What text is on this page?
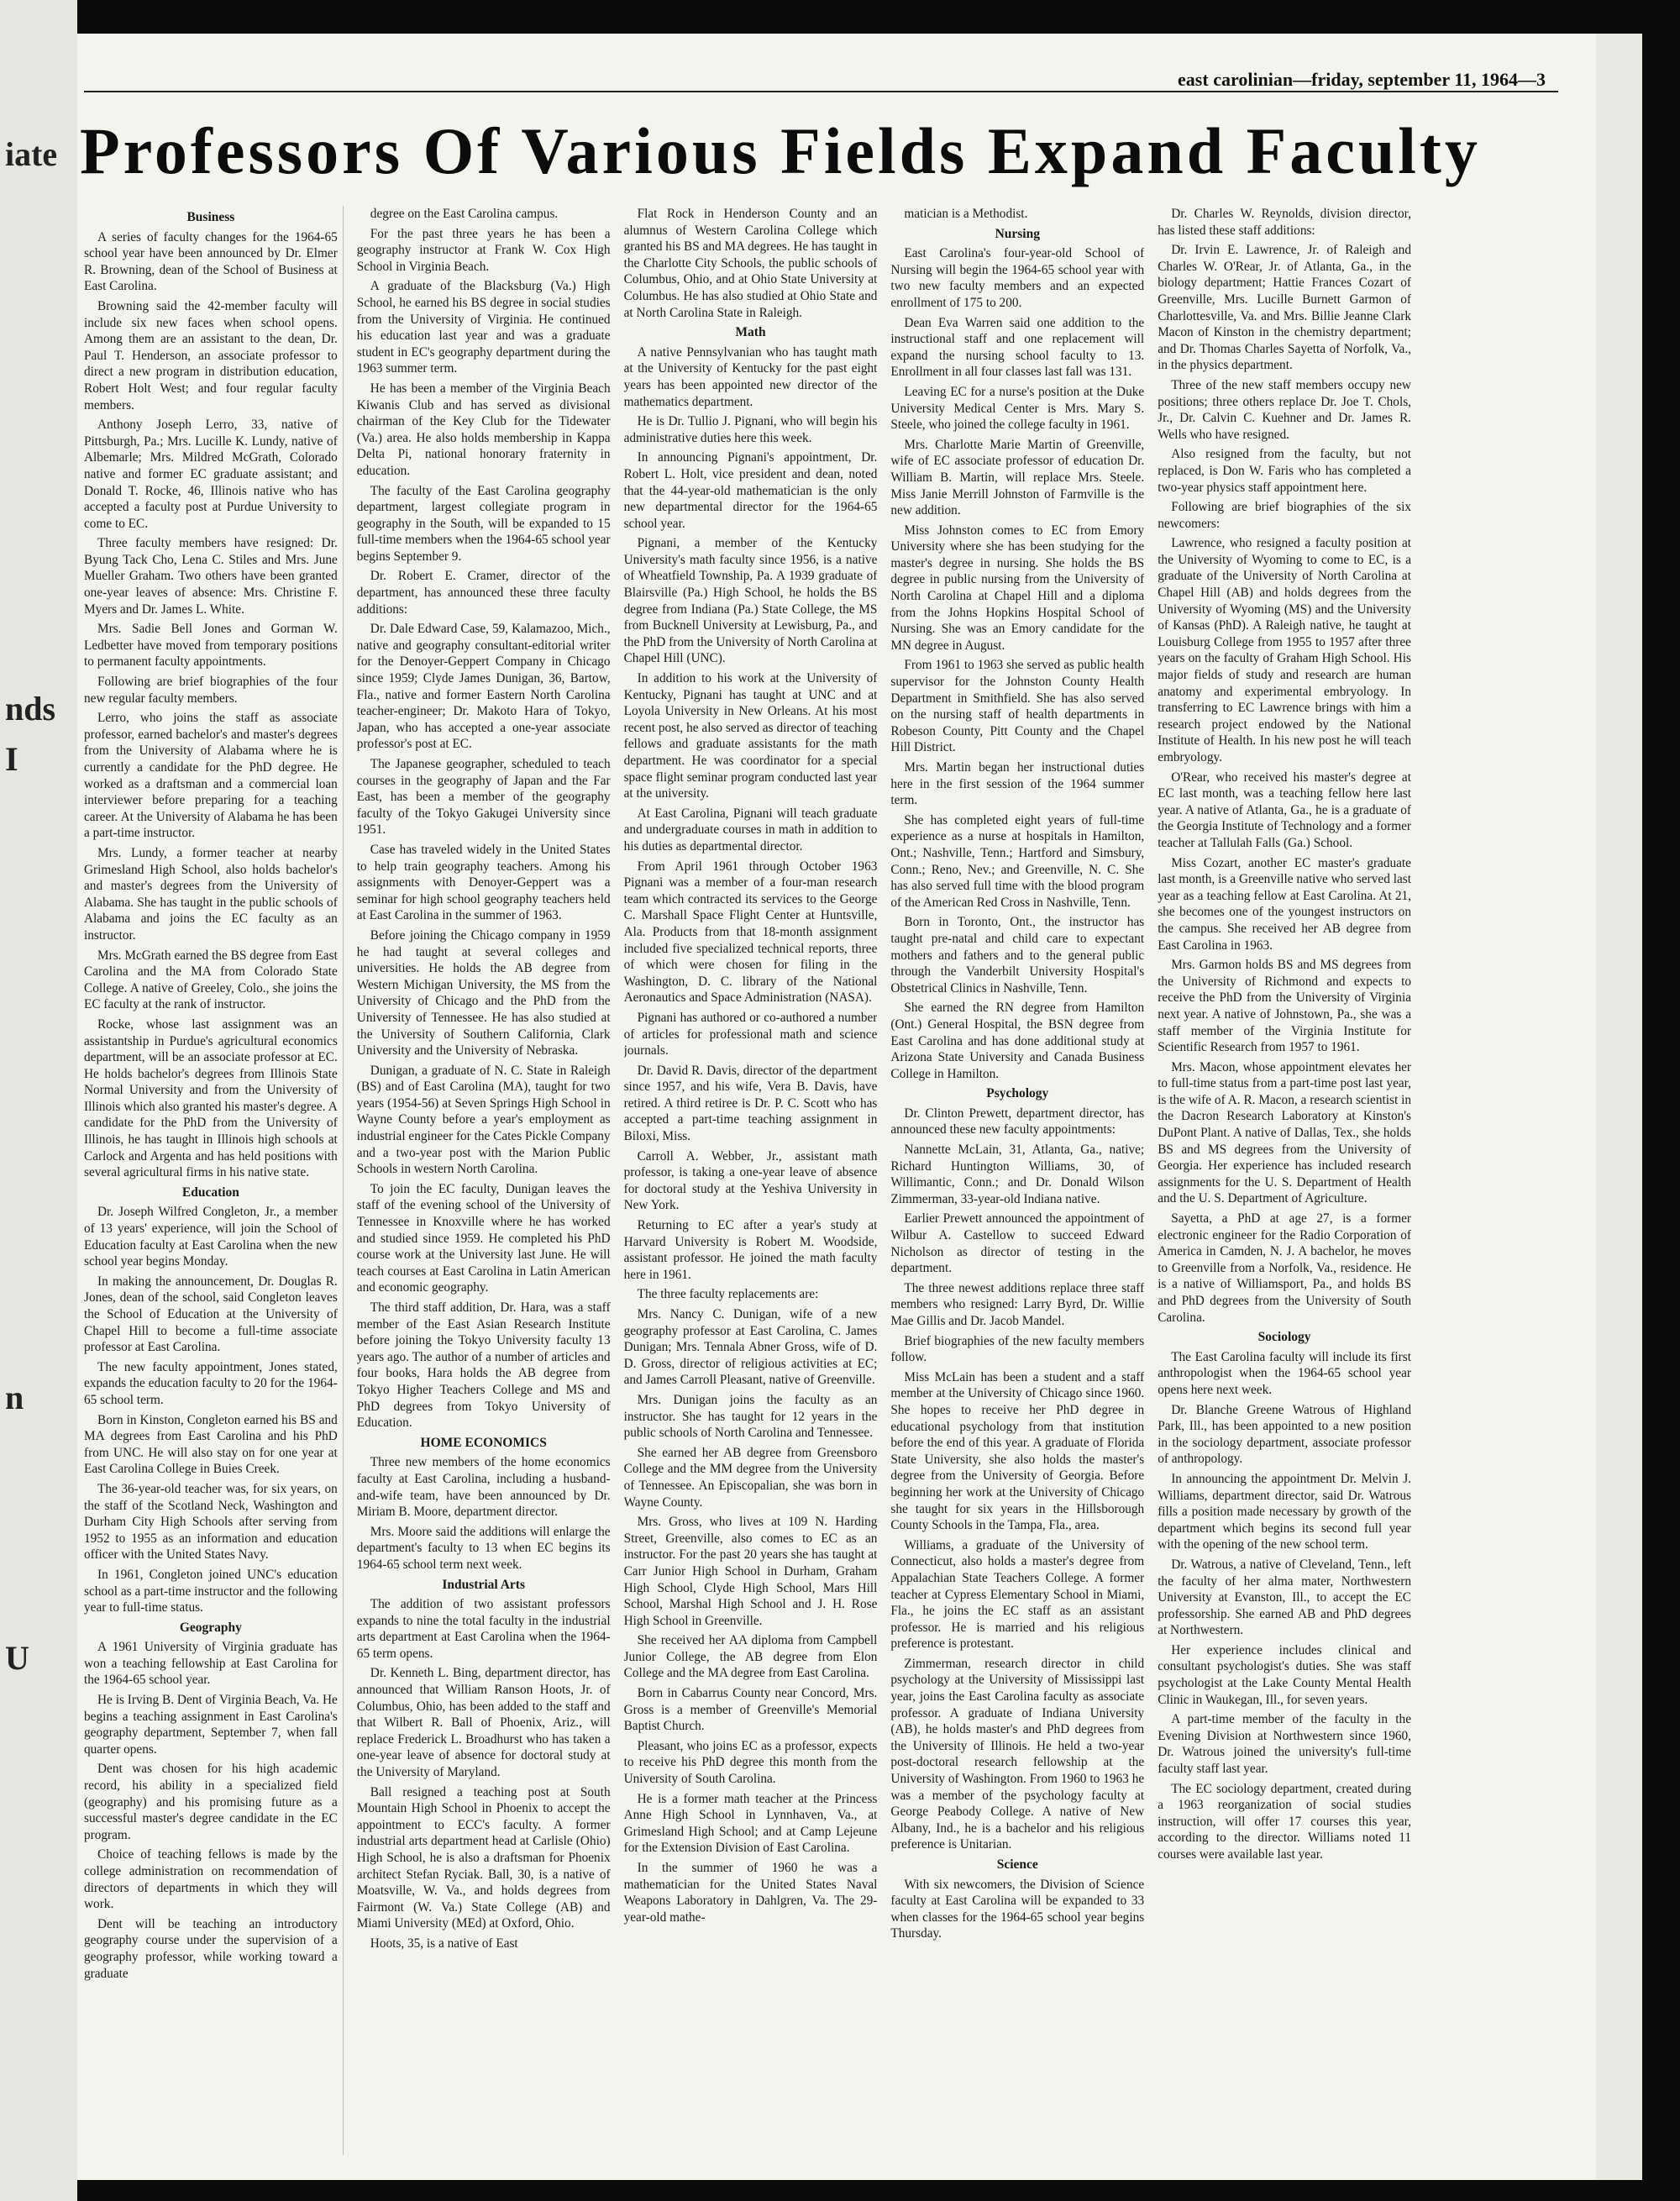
iate
nds
I
n
U
east carolinian—friday, september 11, 1964—3
Professors Of Various Fields Expand Faculty
Business

A series of faculty changes for the 1964-65 school year have been announced by Dr. Elmer R. Browning, dean of the School of Business at East Carolina.

Browning said the 42-member faculty will include six new faces when school opens. Among them are an assistant to the dean, Dr. Paul T. Henderson, an associate professor to direct a new program in distribution education, Robert Holt West; and four regular faculty members.

Anthony Joseph Lerro, 33, native of Pittsburgh, Pa.; Mrs. Lucille K. Lundy, native of Albemarle; Mrs. Mildred McGrath, Colorado native and former EC graduate assistant; and Donald T. Rocke, 46, Illinois native who has accepted a faculty post at Purdue University to come to EC.

Three faculty members have resigned: Dr. Byung Tack Cho, Lena C. Stiles and Mrs. June Mueller Graham. Two others have been granted one-year leaves of absence: Mrs. Christine F. Myers and Dr. James L. White.

Mrs. Sadie Bell Jones and Gorman W. Ledbetter have moved from temporary positions to permanent faculty appointments.

Following are brief biographies of the four new regular faculty members.

Lerro, who joins the staff as associate professor, earned bachelor's and master's degrees from the University of Alabama where he is currently a candidate for the PhD degree. He worked as a draftsman and a commercial loan interviewer before preparing for a teaching career. At the University of Alabama he has been a part-time instructor.

Mrs. Lundy, a former teacher at nearby Grimesland High School, also holds bachelor's and master's degrees from the University of Alabama. She has taught in the public schools of Alabama and joins the EC faculty as an instructor.

Mrs. McGrath earned the BS degree from East Carolina and the MA from Colorado State College. A native of Greeley, Colo., she joins the EC faculty at the rank of instructor.

Rocke, whose last assignment was an assistantship in Purdue's agricultural economics department, will be an associate professor at EC. He holds bachelor's degrees from Illinois State Normal University and from the University of Illinois which also granted his master's degree. A candidate for the PhD from the University of Illinois, he has taught in Illinois high schools at Carlock and Argenta and has held positions with several agricultural firms in his native state.

Education

Dr. Joseph Wilfred Congleton, Jr., a member of 13 years' experience, will join the School of Education faculty at East Carolina when the new school year begins Monday.

In making the announcement, Dr. Douglas R. Jones, dean of the school, said Congleton leaves the School of Education at the University of Chapel Hill to become a full-time associate professor at East Carolina.

The new faculty appointment, Jones stated, expands the education faculty to 20 for the 1964-65 school term.

Born in Kinston, Congleton earned his BS and MA degrees from East Carolina and his PhD from UNC. He will also stay on for one year at East Carolina College in Buies Creek.

The 36-year-old teacher was, for six years, on the staff of the Scotland Neck, Washington and Durham City High Schools after serving from 1952 to 1955 as an information and education officer with the United States Navy.

In 1961, Congleton joined UNC's education school as a part-time instructor and the following year to full-time status.

Geography

A 1961 University of Virginia graduate has won a teaching fellowship at East Carolina for the 1964-65 school year.

He is Irving B. Dent of Virginia Beach, Va. He begins a teaching assignment in East Carolina's geography department, September 7, when fall quarter opens.

Dent was chosen for his high academic record, his ability in a specialized field (geography) and his promising future as a successful master's degree candidate in the EC program.

Choice of teaching fellows is made by the college administration on recommendation of directors of departments in which they will work.

Dent will be teaching an introductory geography course under the supervision of a geography professor, while working toward a graduate

degree on the East Carolina campus.

For the past three years he has been a geography instructor at Frank W. Cox High School in Virginia Beach.

A graduate of the Blacksburg (Va.) High School, he earned his BS degree in social studies from the University of Virginia. He continued his education last year and was a graduate student in EC's geography department during the 1963 summer term.

He has been a member of the Virginia Beach Kiwanis Club and has served as divisional chairman of the Key Club for the Tidewater (Va.) area. He also holds membership in Kappa Delta Pi, national honorary fraternity in education.

The faculty of the East Carolina geography department, largest collegiate program in geography in the South, will be expanded to 15 full-time members when the 1964-65 school year begins September 9.

Dr. Robert E. Cramer, director of the department, has announced these three faculty additions:

Dr. Dale Edward Case, 59, Kalamazoo, Mich., native and geography consultant-editorial writer for the Denoyer-Geppert Company in Chicago since 1959; Clyde James Dunigan, 36, Bartow, Fla., native and former Eastern North Carolina teacher-engineer; Dr. Makoto Hara of Tokyo, Japan, who has accepted a one-year associate professor's post at EC.

The Japanese geographer, scheduled to teach courses in the geography of Japan and the Far East, has been a member of the geography faculty of the Tokyo Gakugei University since 1951.

Case has traveled widely in the United States to help train geography teachers. Among his assignments with Denoyer-Geppert was a seminar for high school geography teachers held at East Carolina in the summer of 1963.

Before joining the Chicago company in 1959 he had taught at several colleges and universities. He holds the AB degree from Western Michigan University, the MS from the University of Chicago and the PhD from the University of Tennessee. He has also studied at the University of Southern California, Clark University and the University of Nebraska.

Dunigan, a graduate of N. C. State in Raleigh (BS) and of East Carolina (MA), taught for two years (1954-56) at Seven Springs High School in Wayne County before a year's employment as industrial engineer for the Cates Pickle Company and a two-year post with the Marion Public Schools in western North Carolina.

To join the EC faculty, Dunigan leaves the staff of the evening school of the University of Tennessee in Knoxville where he has worked and studied since 1959. He completed his PhD course work at the University last June. He will teach courses at East Carolina in Latin American and economic geography.

The third staff addition, Dr. Hara, was a staff member of the East Asian Research Institute before joining the Tokyo University faculty 13 years ago. The author of a number of articles and four books, Hara holds the AB degree from Tokyo Higher Teachers College and MS and PhD degrees from Tokyo University of Education.

HOME ECONOMICS

Three new members of the home economics faculty at East Carolina, including a husband-and-wife team, have been announced by Dr. Miriam B. Moore, department director.

Mrs. Moore said the additions will enlarge the department's faculty to 13 when EC begins its 1964-65 school term next week.

Industrial Arts

The addition of two assistant professors expands to nine the total faculty in the industrial arts department at East Carolina when the 1964-65 term opens.

Dr. Kenneth L. Bing, department director, has announced that William Ranson Hoots, Jr. of Columbus, Ohio, has been added to the staff and that Wilbert R. Ball of Phoenix, Ariz., will replace Frederick L. Broadhurst who has taken a one-year leave of absence for doctoral study at the University of Maryland.

Ball resigned a teaching post at South Mountain High School in Phoenix to accept the appointment to ECC's faculty. A former industrial arts department head at Carlisle (Ohio) High School, he is also a draftsman for Phoenix architect Stefan Ryciak. Ball, 30, is a native of Moatsville, W. Va., and holds degrees from Fairmont (W. Va.) State College (AB) and Miami University (MEd) at Oxford, Ohio.

Hoots, 35, is a native of East

Flat Rock in Henderson County and an alumnus of Western Carolina College which granted his BS and MA degrees. He has taught in the Charlotte City Schools, the public schools of Columbus, Ohio, and at Ohio State University at Columbus. He has also studied at Ohio State and at North Carolina State in Raleigh.

Math

A native Pennsylvanian who has taught math at the University of Kentucky for the past eight years has been appointed new director of the mathematics department.

He is Dr. Tullio J. Pignani, who will begin his administrative duties here this week.

In announcing Pignani's appointment, Dr. Robert L. Holt, vice president and dean, noted that the 44-year-old mathematician is the only new departmental director for the 1964-65 school year.

Pignani, a member of the Kentucky University's math faculty since 1956, is a native of Wheatfield Township, Pa. A 1939 graduate of Blairsville (Pa.) High School, he holds the BS degree from Indiana (Pa.) State College, the MS from Bucknell University at Lewisburg, Pa., and the PhD from the University of North Carolina at Chapel Hill (UNC).

In addition to his work at the University of Kentucky, Pignani has taught at UNC and at Loyola University in New Orleans. At his most recent post, he also served as director of teaching fellows and graduate assistants for the math department. He was coordinator for a special space flight seminar program conducted last year at the university.

At East Carolina, Pignani will teach graduate and undergraduate courses in math in addition to his duties as departmental director.

From April 1961 through October 1963 Pignani was a member of a four-man research team which contracted its services to the George C. Marshall Space Flight Center at Huntsville, Ala. Products from that 18-month assignment included five specialized technical reports, three of which were chosen for filing in the Washington, D. C. library of the National Aeronautics and Space Administration (NASA).

Pignani has authored or co-authored a number of articles for professional math and science journals.

Dr. David R. Davis, director of the department since 1957, and his wife, Vera B. Davis, have retired. A third retiree is Dr. P. C. Scott who has accepted a part-time teaching assignment in Biloxi, Miss.

Carroll A. Webber, Jr., assistant math professor, is taking a one-year leave of absence for doctoral study at the Yeshiva University in New York.

Returning to EC after a year's study at Harvard University is Robert M. Woodside, assistant professor. He joined the math faculty here in 1961.

The three faculty replacements are:

Mrs. Nancy C. Dunigan, wife of a new geography professor at East Carolina, C. James Dunigan; Mrs. Tennala Abner Gross, wife of D. D. Gross, director of religious activities at EC; and James Carroll Pleasant, native of Greenville.

Mrs. Dunigan joins the faculty as an instructor. She has taught for 12 years in the public schools of North Carolina and Tennessee.

She earned her AB degree from Greensboro College and the MM degree from the University of Tennessee. An Episcopalian, she was born in Wayne County.

Mrs. Gross, who lives at 109 N. Harding Street, Greenville, also comes to EC as an instructor. For the past 20 years she has taught at Carr Junior High School in Durham, Graham High School, Clyde High School, Mars Hill School, Marshal High School and J. H. Rose High School in Greenville.

She received her AA diploma from Campbell Junior College, the AB degree from Elon College and the MA degree from East Carolina.

Born in Cabarrus County near Concord, Mrs. Gross is a member of Greenville's Memorial Baptist Church.

Pleasant, who joins EC as a professor, expects to receive his PhD degree this month from the University of South Carolina.

He is a former math teacher at the Princess Anne High School in Lynnhaven, Va., at Grimesland High School; and at Camp Lejeune for the Extension Division of East Carolina.

In the summer of 1960 he was a mathematician for the United States Naval Weapons Laboratory in Dahlgren, Va. The 29-year-old mathe-

matician is a Methodist.

Nursing

East Carolina's four-year-old School of Nursing will begin the 1964-65 school year with two new faculty members and an expected enrollment of 175 to 200.

Dean Eva Warren said one addition to the instructional staff and one replacement will expand the nursing school faculty to 13. Enrollment in all four classes last fall was 131.

Leaving EC for a nurse's position at the Duke University Medical Center is Mrs. Mary S. Steele, who joined the college faculty in 1961.

Mrs. Charlotte Marie Martin of Greenville, wife of EC associate professor of education Dr. William B. Martin, will replace Mrs. Steele. Miss Janie Merrill Johnston of Farmville is the new addition.

Miss Johnston comes to EC from Emory University where she has been studying for the master's degree in nursing. She holds the BS degree in public nursing from the University of North Carolina at Chapel Hill and a diploma from the Johns Hopkins Hospital School of Nursing. She was an Emory candidate for the MN degree in August.

From 1961 to 1963 she served as public health supervisor for the Johnston County Health Department in Smithfield. She has also served on the nursing staff of health departments in Robeson County, Pitt County and the Chapel Hill District.

Mrs. Martin began her instructional duties here in the first session of the 1964 summer term.

She has completed eight years of full-time experience as a nurse at hospitals in Hamilton, Ont.; Nashville, Tenn.; Hartford and Simsbury, Conn.; Reno, Nev.; and Greenville, N. C. She has also served full time with the blood program of the American Red Cross in Nashville, Tenn.

Born in Toronto, Ont., the instructor has taught pre-natal and child care to expectant mothers and fathers and to the general public through the Vanderbilt University Hospital's Obstetrical Clinics in Nashville, Tenn.

She earned the RN degree from Hamilton (Ont.) General Hospital, the BSN degree from East Carolina and has done additional study at Arizona State University and Canada Business College in Hamilton.

Psychology

Dr. Clinton Prewett, department director, has announced these new faculty appointments:

Nannette McLain, 31, Atlanta, Ga., native; Richard Huntington Williams, 30, of Willimantic, Conn.; and Dr. Donald Wilson Zimmerman, 33-year-old Indiana native.

Earlier Prewett announced the appointment of Wilbur A. Castellow to succeed Edward Nicholson as director of testing in the department.

The three newest additions replace three staff members who resigned: Larry Byrd, Dr. Willie Mae Gillis and Dr. Jacob Mandel.

Brief biographies of the new faculty members follow.

Miss McLain has been a student and a staff member at the University of Chicago since 1960. She hopes to receive her PhD degree in educational psychology from that institution before the end of this year. A graduate of Florida State University, she also holds the master's degree from the University of Georgia. Before beginning her work at the University of Chicago she taught for six years in the Hillsborough County Schools in the Tampa, Fla., area.

Williams, a graduate of the University of Connecticut, also holds a master's degree from Appalachian State Teachers College. A former teacher at Cypress Elementary School in Miami, Fla., he joins the EC staff as an assistant professor. He is married and his religious preference is protestant.

Zimmerman, research director in child psychology at the University of Mississippi last year, joins the East Carolina faculty as associate professor. A graduate of Indiana University (AB), he holds master's and PhD degrees from the University of Illinois. He held a two-year post-doctoral research fellowship at the University of Washington. From 1960 to 1963 he was a member of the psychology faculty at George Peabody College. A native of New Albany, Ind., he is a bachelor and his religious preference is Unitarian.

Science

With six newcomers, the Division of Science faculty at East Carolina will be expanded to 33 when classes for the 1964-65 school year begins Thursday.

Dr. Charles W. Reynolds, division director, has listed these staff additions:

Dr. Irvin E. Lawrence, Jr. of Raleigh and Charles W. O'Rear, Jr. of Atlanta, Ga., in the biology department; Hattie Frances Cozart of Greenville, Mrs. Lucille Burnett Garmon of Charlottesville, Va. and Mrs. Billie Jeanne Clark Macon of Kinston in the chemistry department; and Dr. Thomas Charles Sayetta of Norfolk, Va., in the physics department.

Three of the new staff members occupy new positions; three others replace Dr. Joe T. Chols, Jr., Dr. Calvin C. Kuehner and Dr. James R. Wells who have resigned.

Also resigned from the faculty, but not replaced, is Don W. Faris who has completed a two-year physics staff appointment here.

Following are brief biographies of the six newcomers:

Lawrence, who resigned a faculty position at the University of Wyoming to come to EC, is a graduate of the University of North Carolina at Chapel Hill (AB) and holds degrees from the University of Wyoming (MS) and the University of Kansas (PhD). A Raleigh native, he taught at Louisburg College from 1955 to 1957 after three years on the faculty of Graham High School. His major fields of study and research are human anatomy and experimental embryology. In transferring to EC Lawrence brings with him a research project endowed by the National Institute of Health. In his new post he will teach embryology.

O'Rear, who received his master's degree at EC last month, was a teaching fellow here last year. A native of Atlanta, Ga., he is a graduate of the Georgia Institute of Technology and a former teacher at Tallulah Falls (Ga.) School.

Miss Cozart, another EC master's graduate last month, is a Greenville native who served last year as a teaching fellow at East Carolina. At 21, she becomes one of the youngest instructors on the campus. She received her AB degree from East Carolina in 1963.

Mrs. Garmon holds BS and MS degrees from the University of Richmond and expects to receive the PhD from the University of Virginia next year. A native of Johnstown, Pa., she was a staff member of the Virginia Institute for Scientific Research from 1957 to 1961.

Mrs. Macon, whose appointment elevates her to full-time status from a part-time post last year, is the wife of A. R. Macon, a research scientist in the Dacron Research Laboratory at Kinston's DuPont Plant. A native of Dallas, Tex., she holds BS and MS degrees from the University of Georgia. Her experience has included research assignments for the U. S. Department of Health and the U. S. Department of Agriculture.

Sayetta, a PhD at age 27, is a former electronic engineer for the Radio Corporation of America in Camden, N. J. A bachelor, he moves to Greenville from a Norfolk, Va., residence. He is a native of Williamsport, Pa., and holds BS and PhD degrees from the University of South Carolina.

Sociology

The East Carolina faculty will include its first anthropologist when the 1964-65 school year opens here next week.

Dr. Blanche Greene Watrous of Highland Park, Ill., has been appointed to a new position in the sociology department, associate professor of anthropology.

In announcing the appointment Dr. Melvin J. Williams, department director, said Dr. Watrous fills a position made necessary by growth of the department which begins its second full year with the opening of the new school term.

Dr. Watrous, a native of Cleveland, Tenn., left the faculty of her alma mater, Northwestern University at Evanston, Ill., to accept the EC professorship. She earned AB and PhD degrees at Northwestern.

Her experience includes clinical and consultant psychologist's duties. She was staff psychologist at the Lake County Mental Health Clinic in Waukegan, Ill., for seven years.

A part-time member of the faculty in the Evening Division at Northwestern since 1960, Dr. Watrous joined the university's full-time faculty staff last year.

The EC sociology department, created during a 1963 reorganization of social studies instruction, will offer 17 courses this year, according to the director. Williams noted 11 courses were available last year.
